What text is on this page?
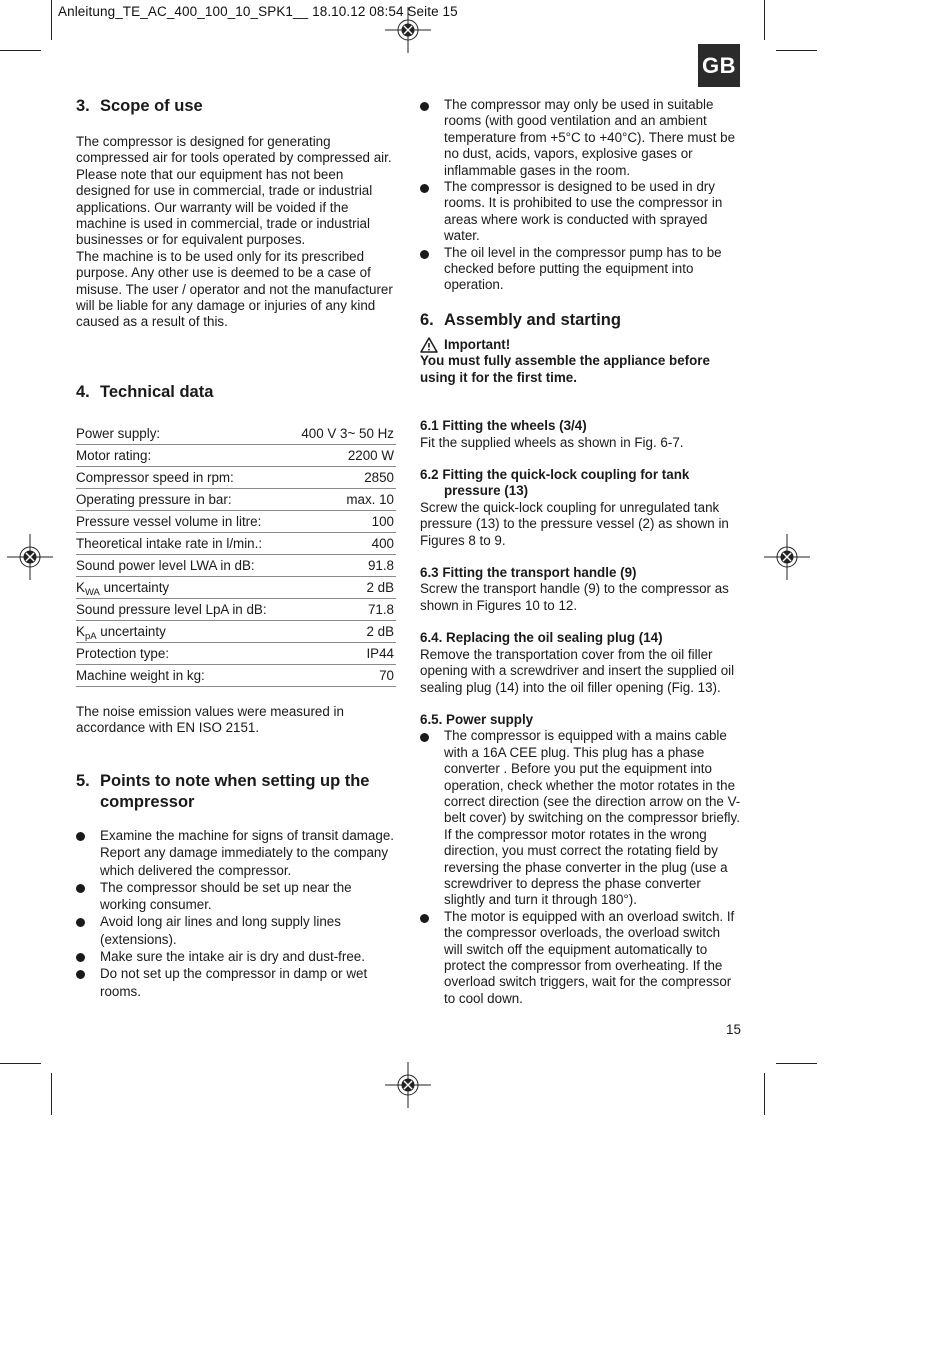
Anleitung_TE_AC_400_100_10_SPK1__ 18.10.12 08:54 Seite 15
GB
3. Scope of use

The compressor is designed for generating compressed air for tools operated by compressed air.

Please note that our equipment has not been designed for use in commercial, trade or industrial applications. Our warranty will be voided if the machine is used in commercial, trade or industrial businesses or for equivalent purposes.

The machine is to be used only for its prescribed purpose. Any other use is deemed to be a case of misuse. The user / operator and not the manufacturer will be liable for any damage or injuries of any kind caused as a result of this.

4. Technical data
Power supply:	400 V 3~ 50 Hz
Motor rating:	2200 W
Compressor speed in rpm:	2850
Operating pressure in bar:	max. 10
Pressure vessel volume in litre:	100
Theoretical intake rate in l/min.:	400
Sound power level LWA in dB:	91.8
$K_{WA}$ uncertainty	2 dB
Sound pressure level LpA in dB:	71.8
$K_{pA}$ uncertainty	2 dB
Protection type:	IP44
Machine weight in kg:	70

The noise emission values were measured in accordance with EN ISO 2151.

5. Points to note when setting up the compressor
Examine the machine for signs of transit damage. Report any damage immediately to the company which delivered the compressor.
The compressor should be set up near the working consumer.
Avoid long air lines and long supply lines (extensions).
Make sure the intake air is dry and dust-free.
Do not set up the compressor in damp or wet rooms.
The compressor may only be used in suitable rooms (with good ventilation and an ambient temperature from +5°C to +40°C). There must be no dust, acids, vapors, explosive gases or inflammable gases in the room.
The compressor is designed to be used in dry rooms. It is prohibited to use the compressor in areas where work is conducted with sprayed water.
The oil level in the compressor pump has to be checked before putting the equipment into operation.
6. Assembly and starting
Important!

You must fully assemble the appliance before using it for the first time.

6.1 Fitting the wheels (3/4)

Fit the supplied wheels as shown in Fig. 6-7.

6.2 Fitting the quick-lock coupling for tank

pressure (13)

Screw the quick-lock coupling for unregulated tank pressure (13) to the pressure vessel (2) as shown in Figures 8 to 9.

6.3 Fitting the transport handle (9)

Screw the transport handle (9) to the compressor as shown in Figures 10 to 12.

6.4. Replacing the oil sealing plug (14)

Remove the transportation cover from the oil filler opening with a screwdriver and insert the supplied oil sealing plug (14) into the oil filler opening (Fig. 13).

6.5. Power supply

The compressor is equipped with a mains cable with a 16A CEE plug. This plug has a phase converter . Before you put the equipment into operation, check whether the motor rotates in the correct direction (see the direction arrow on the V-belt cover) by switching on the compressor briefly. If the compressor motor rotates in the wrong direction, you must correct the rotating field by reversing the phase converter in the plug (use a screwdriver to depress the phase converter slightly and turn it through 180°).
The motor is equipped with an overload switch. If the compressor overloads, the overload switch will switch off the equipment automatically to protect the compressor from overheating. If the overload switch triggers, wait for the compressor to cool down.
15
